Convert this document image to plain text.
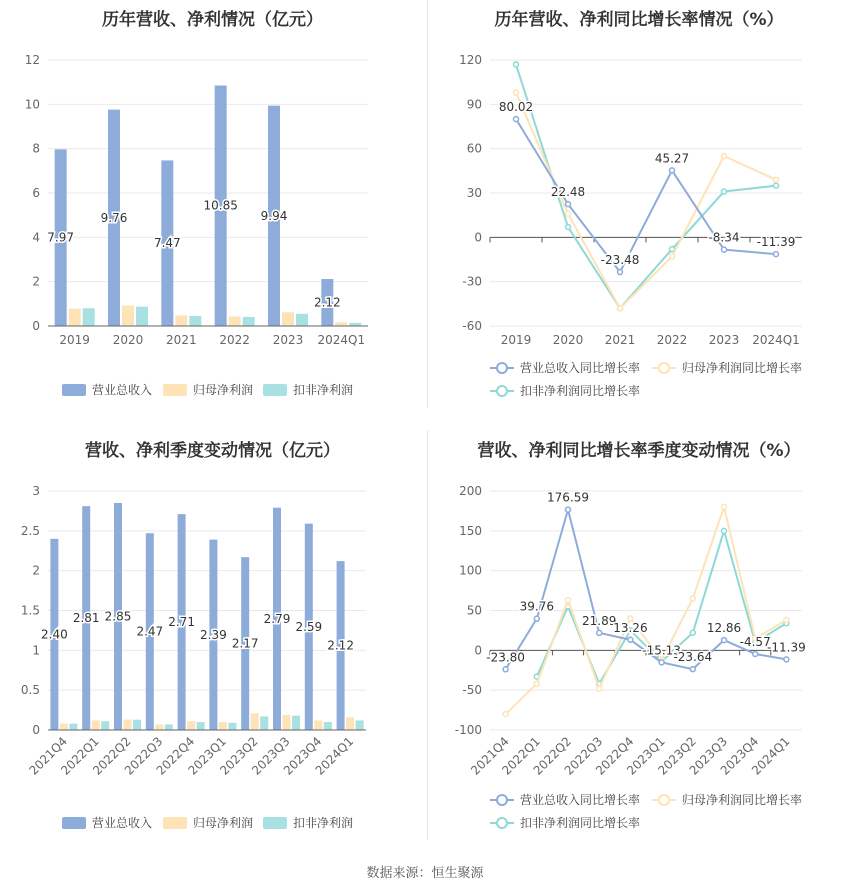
历年营收、净利情况（亿元）
0
2
4
6
8
10
12
7.97
2019
9.76
2020
7.47
2021
10.85
2022
9.94
2023
2.12
2024Q1
营业总收入	归母净利润	扣非净利润
历年营收、净利同比增长率情况（%）
-60
-30
0
30
60
90
120
2019 2020 2021 2022 2023 2024Q1
80.02
22.48
-23.48
45.27
-8.34 -11.39
营业总收入同比增长率	归母净利润同比增长率
扣非净利润同比增长率
营收、净利季度变动情况（亿元）
0
0.5
1
1.5
2
2.5
3
2.40
2021Q4
2.81
2022Q1
2.85
2022Q2
2.47
2022Q3
2.71
2022Q4
2.39
2023Q1
2.17
2023Q2
2.79
2023Q3
2.59
2023Q4
2.12
2024Q1
营业总收入	归母净利润	扣非净利润
营收、净利同比增长率季度变动情况（%）
-100
-50
0
50
100
150
200
2021Q4
2022Q1
2022Q2
2022Q3
2022Q4
2023Q1
2023Q2
2023Q3
2023Q4
2024Q1
-23.80
39.76
176.59
21.89
13.26
-15.13
-23.64
12.86
-4.57
-11.39
营业总收入同比增长率	归母净利润同比增长率
扣非净利润同比增长率
数据来源：恒生聚源
